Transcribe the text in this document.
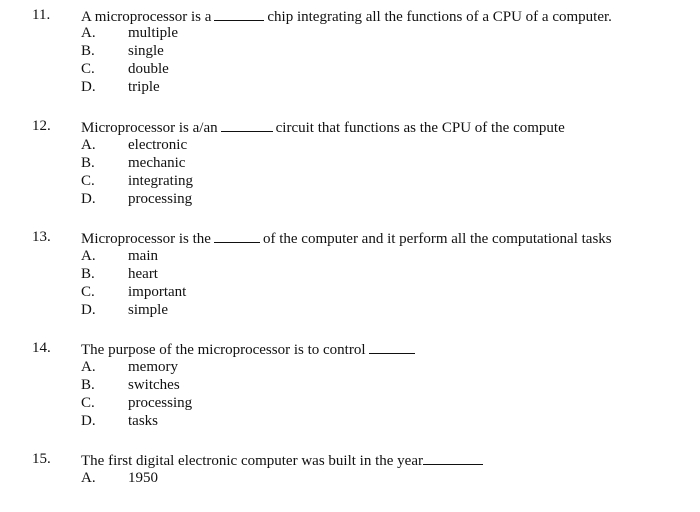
11. A microprocessor is a	chip integrating all the functions of a CPU of a computer.
A. multiple
B. single
C. double
D. triple
12. Microprocessor is a/an	circuit that functions as the CPU of the compute
A. electronic
B. mechanic
C. integrating
D. processing
13. Microprocessor is the	of the computer and it perform all the computational tasks
A. main
B. heart
C. important
D. simple
14. The purpose of the microprocessor is to control
A. memory
B. switches
C. processing
D. tasks
15. The first digital electronic computer was built in the year
A. 1950
